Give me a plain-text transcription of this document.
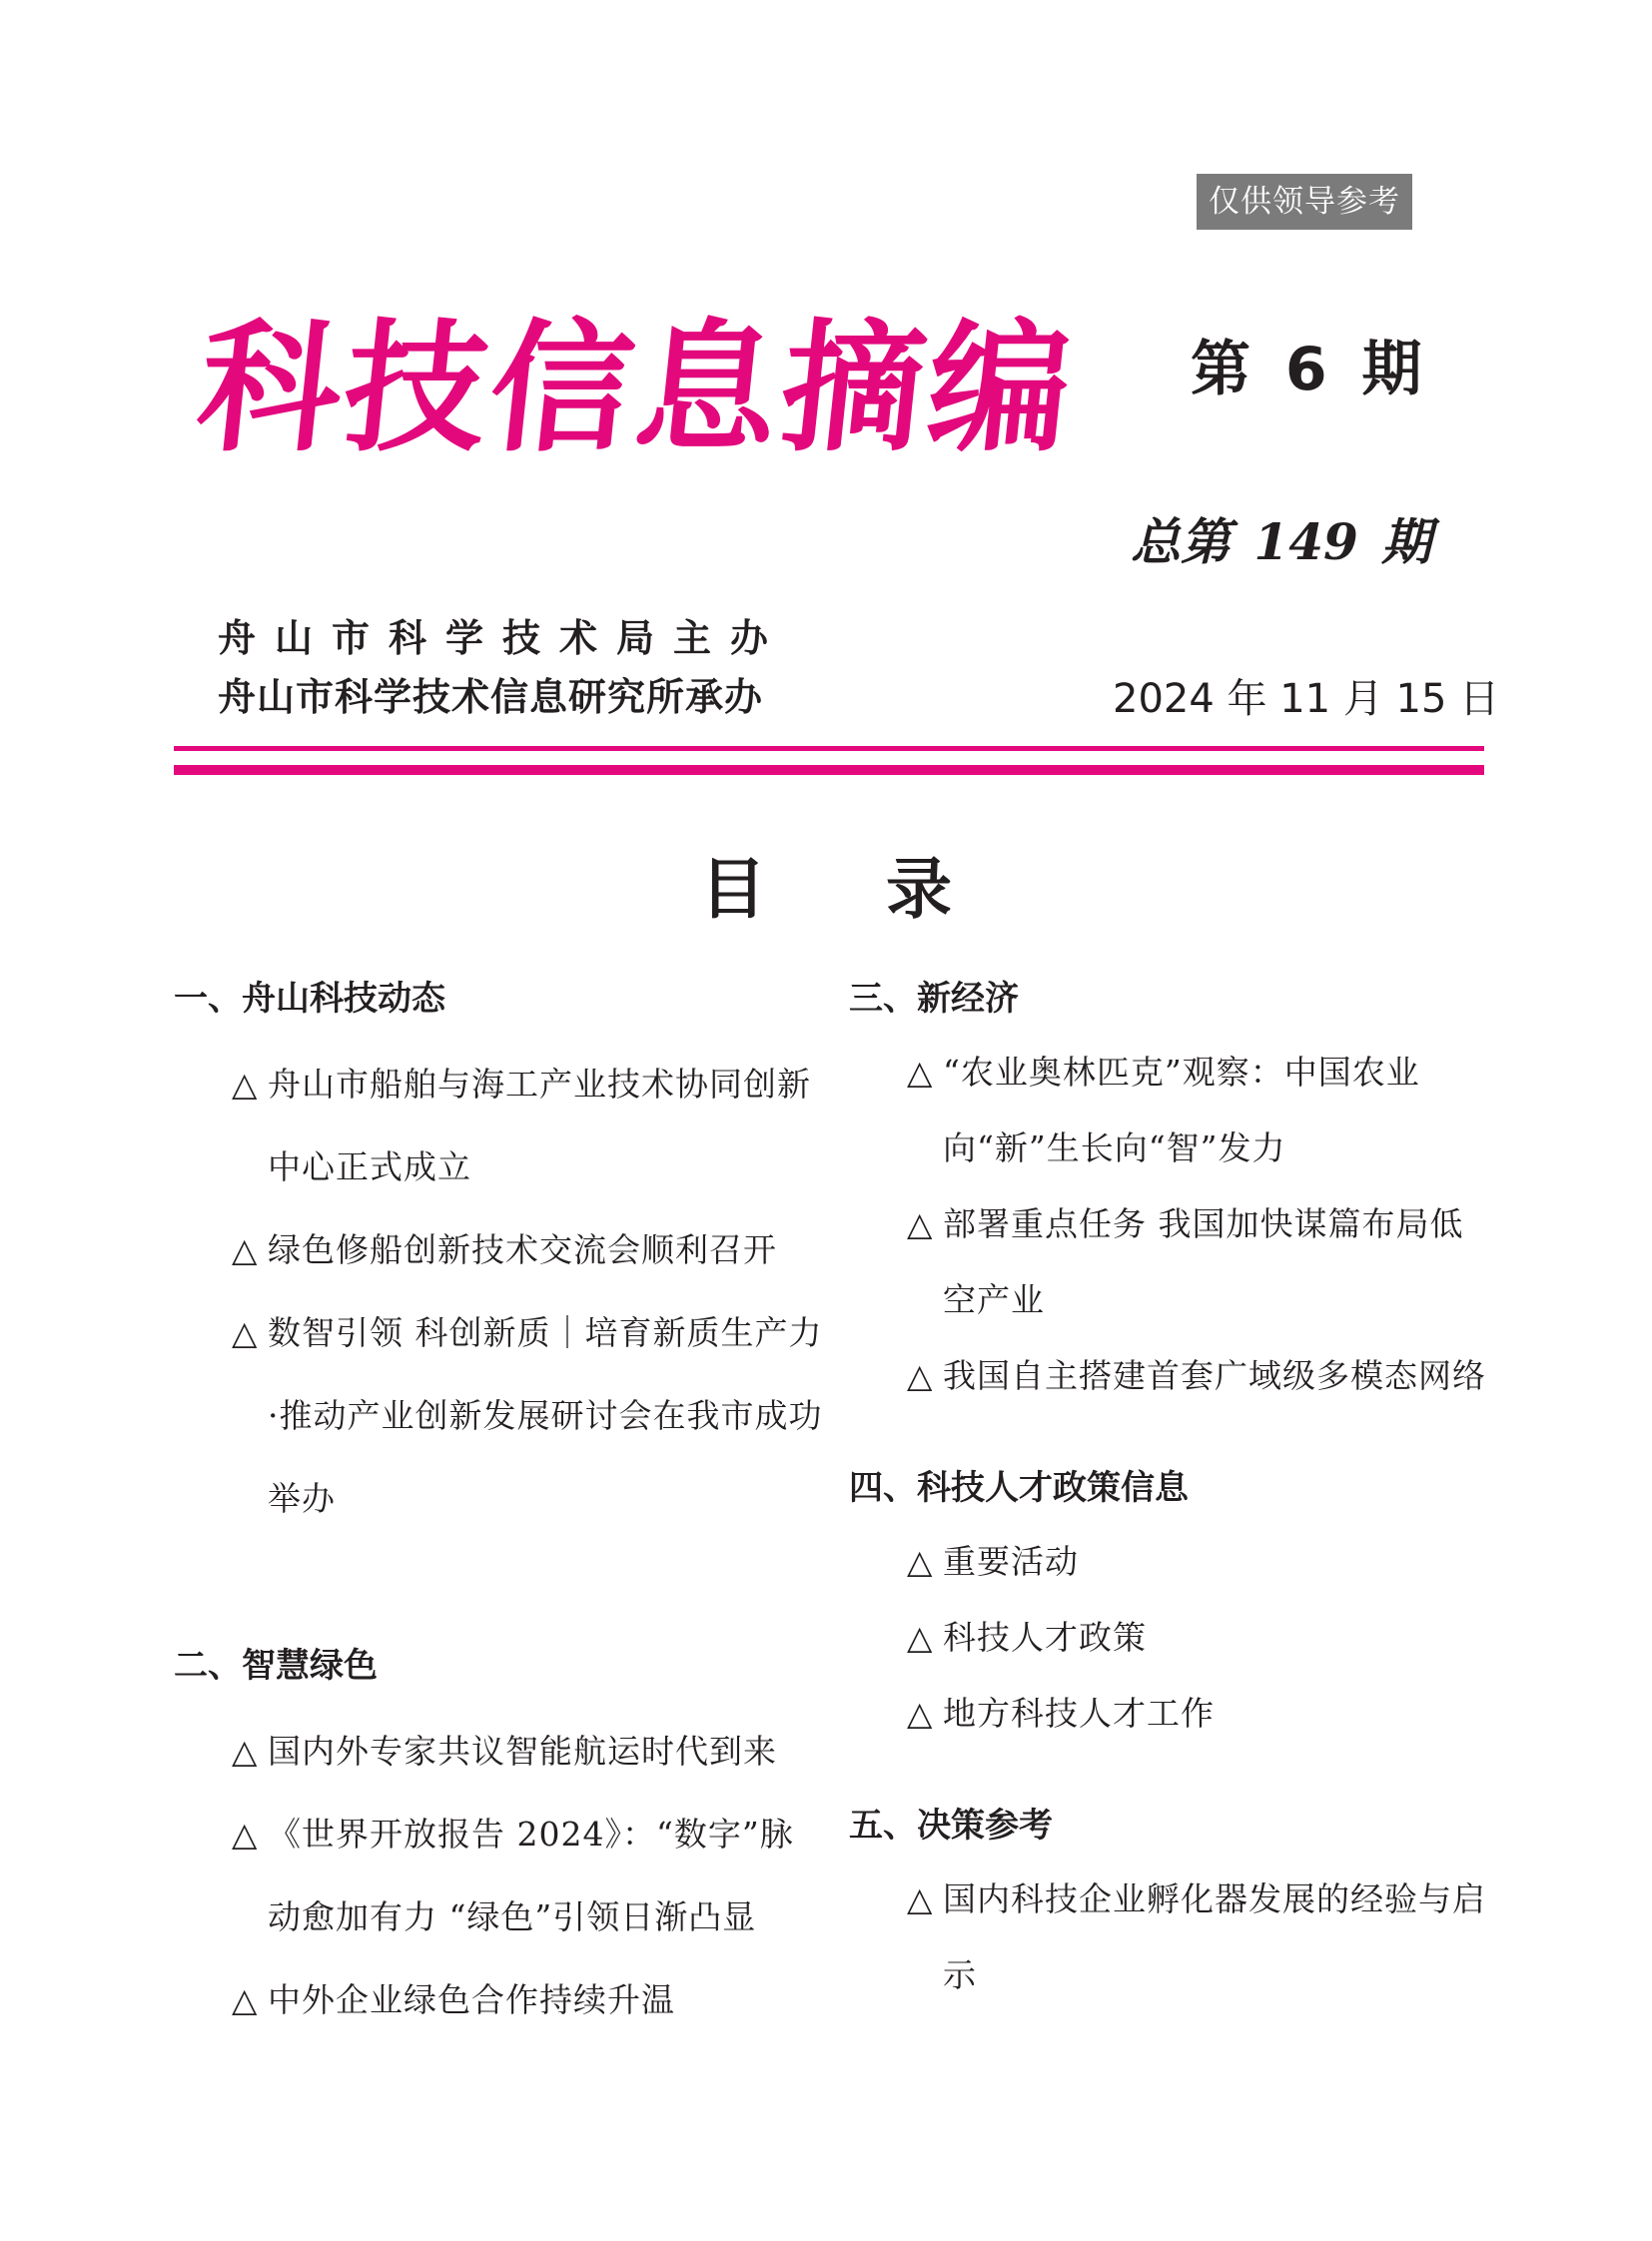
仅供领导参考
科技信息摘编 第 6 期
总第 149 期
舟山市科学技术局主办
舟山市科学技术信息研究所承办	2024 年 11 月 15 日
目录
一、舟山科技动态
△ 舟山市船舶与海工产业技术协同创新中心正式成立
△ 绿色修船创新技术交流会顺利召开
△ 数智引领 科创新质｜培育新质生产力·推动产业创新发展研讨会在我市成功举办
二、智慧绿色
△ 国内外专家共议智能航运时代到来
△ 《世界开放报告 2024》：“数字”脉动愈加有力 “绿色”引领日渐凸显
△ 中外企业绿色合作持续升温
三、新经济
△ “农业奥林匹克”观察：中国农业向“新”生长向“智”发力
△ 部署重点任务 我国加快谋篇布局低空产业
△ 我国自主搭建首套广域级多模态网络
四、科技人才政策信息
△ 重要活动
△ 科技人才政策
△ 地方科技人才工作
五、决策参考
△ 国内科技企业孵化器发展的经验与启示
